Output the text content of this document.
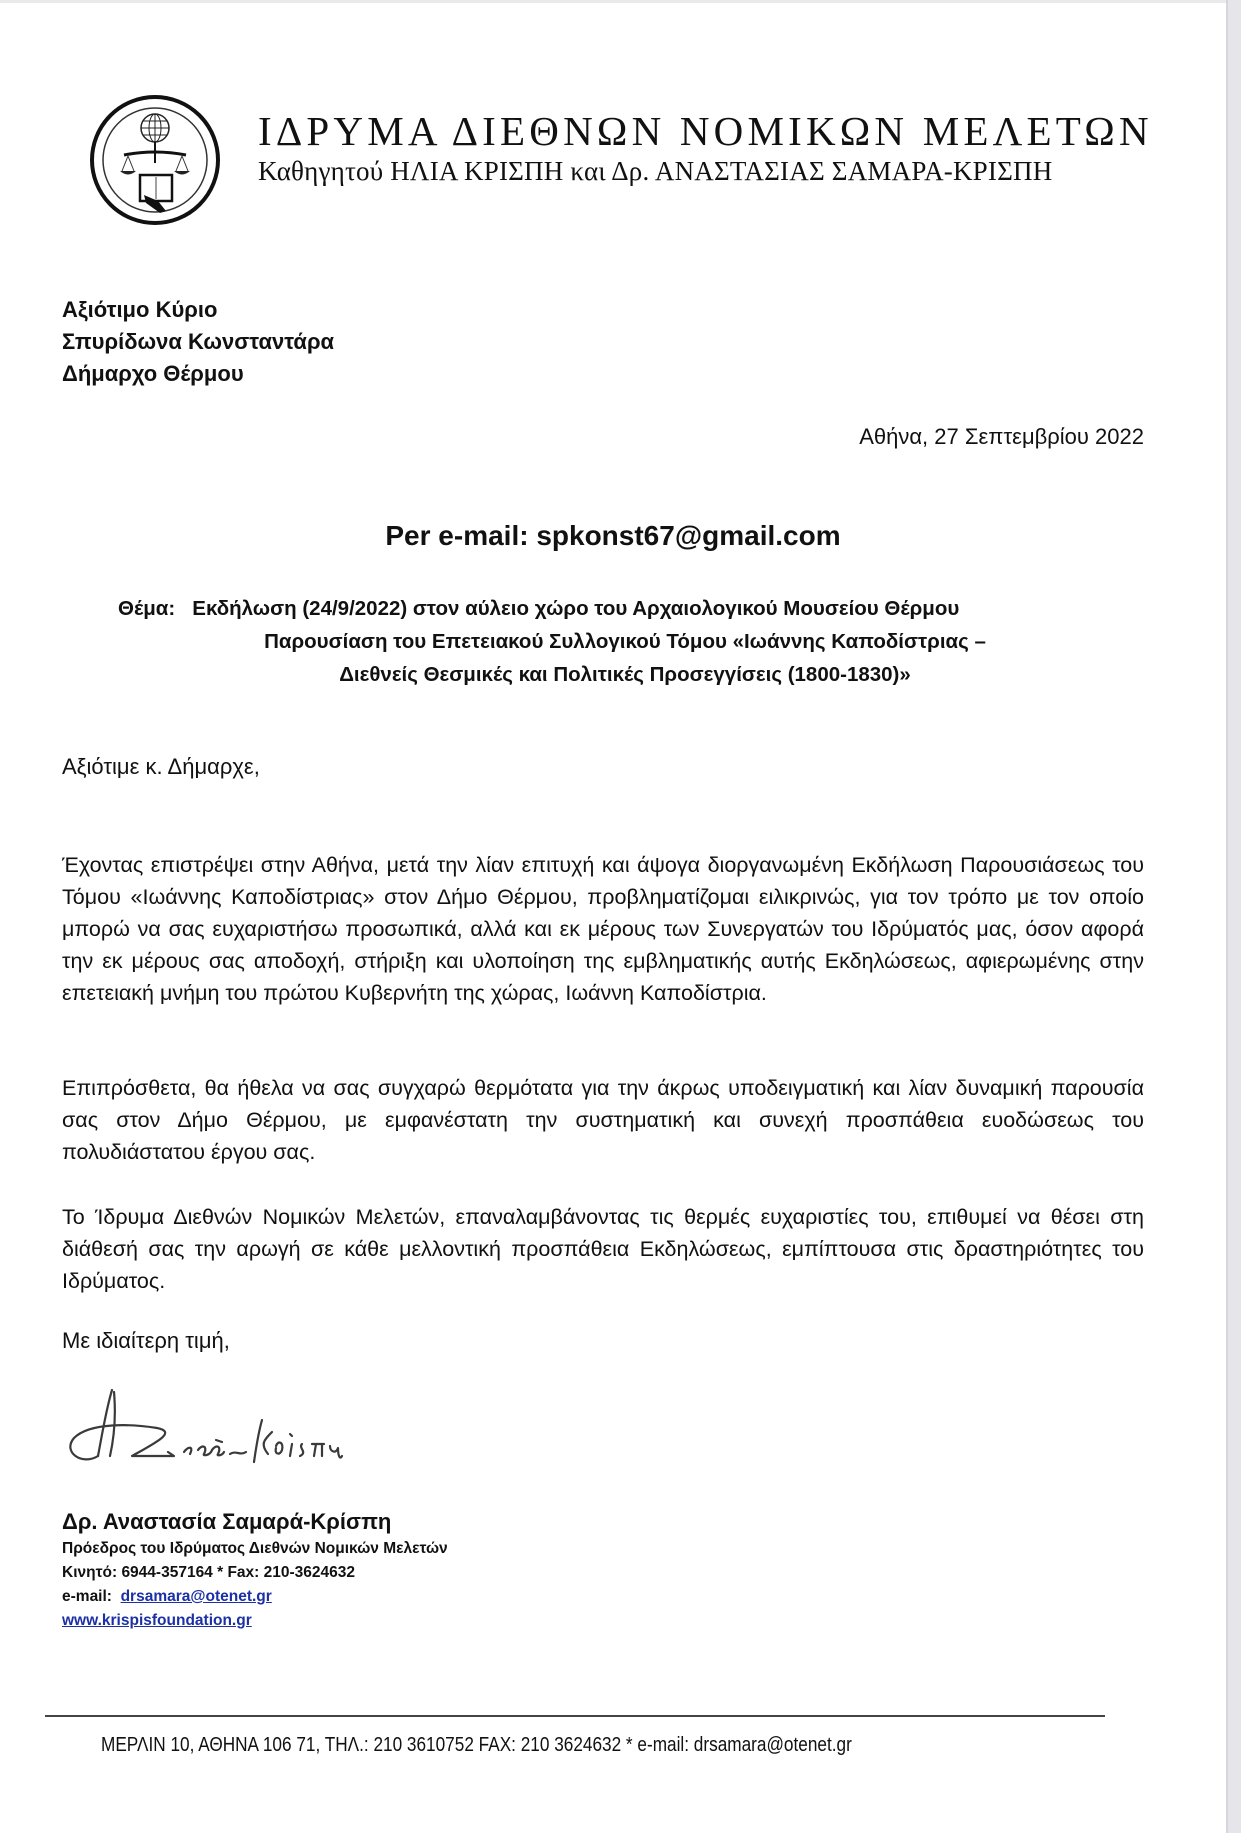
ΙΔΡΥΜΑ ΔΙΕΘΝΩΝ ΝΟΜΙΚΩΝ ΜΕΛΕΤΩΝ
Καθηγητού ΗΛΙΑ ΚΡΙΣΠΗ και Δρ. ΑΝΑΣΤΑΣΙΑΣ ΣΑΜΑΡΑ-ΚΡΙΣΠΗ
Αξιότιμο Κύριο
Σπυρίδωνα Κωνσταντάρα
Δήμαρχο Θέρμου
Αθήνα, 27 Σεπτεμβρίου 2022
Per e-mail: spkonst67@gmail.com
Θέμα: Εκδήλωση (24/9/2022) στον αύλειο χώρο του Αρχαιολογικού Μουσείου Θέρμου
Παρουσίαση του Επετειακού Συλλογικού Τόμου «Ιωάννης Καποδίστριας –
Διεθνείς Θεσμικές και Πολιτικές Προσεγγίσεις (1800-1830)»
Αξιότιμε κ. Δήμαρχε,
Έχοντας επιστρέψει στην Αθήνα, μετά την λίαν επιτυχή και άψογα διοργανωμένη Εκδήλωση Παρουσιάσεως του Τόμου «Ιωάννης Καποδίστριας» στον Δήμο Θέρμου, προβληματίζομαι ειλικρινώς, για τον τρόπο με τον οποίο μπορώ να σας ευχαριστήσω προσωπικά, αλλά και εκ μέρους των Συνεργατών του Ιδρύματός μας, όσον αφορά την εκ μέρους σας αποδοχή, στήριξη και υλοποίηση της εμβληματικής αυτής Εκδηλώσεως, αφιερωμένης στην επετειακή μνήμη του πρώτου Κυβερνήτη της χώρας, Ιωάννη Καποδίστρια.
Επιπρόσθετα, θα ήθελα να σας συγχαρώ θερμότατα για την άκρως υποδειγματική και λίαν δυναμική παρουσία σας στον Δήμο Θέρμου, με εμφανέστατη την συστηματική και συνεχή προσπάθεια ευοδώσεως του πολυδιάστατου έργου σας.
Το Ίδρυμα Διεθνών Νομικών Μελετών, επαναλαμβάνοντας τις θερμές ευχαριστίες του, επιθυμεί να θέσει στη διάθεσή σας την αρωγή σε κάθε μελλοντική προσπάθεια Εκδηλώσεως, εμπίπτουσα στις δραστηριότητες του Ιδρύματος.
Με ιδιαίτερη τιμή,
Δρ. Αναστασία Σαμαρά-Κρίσπη
Πρόεδρος του Ιδρύματος Διεθνών Νομικών Μελετών
Κινητό: 6944-357164 * Fax: 210-3624632
e-mail: drsamara@otenet.gr
www.krispisfoundation.gr
ΜΕΡΛΙΝ 10, ΑΘΗΝΑ 106 71, ΤΗΛ.: 210 3610752 FAX: 210 3624632 * e-mail: drsamara@otenet.gr
